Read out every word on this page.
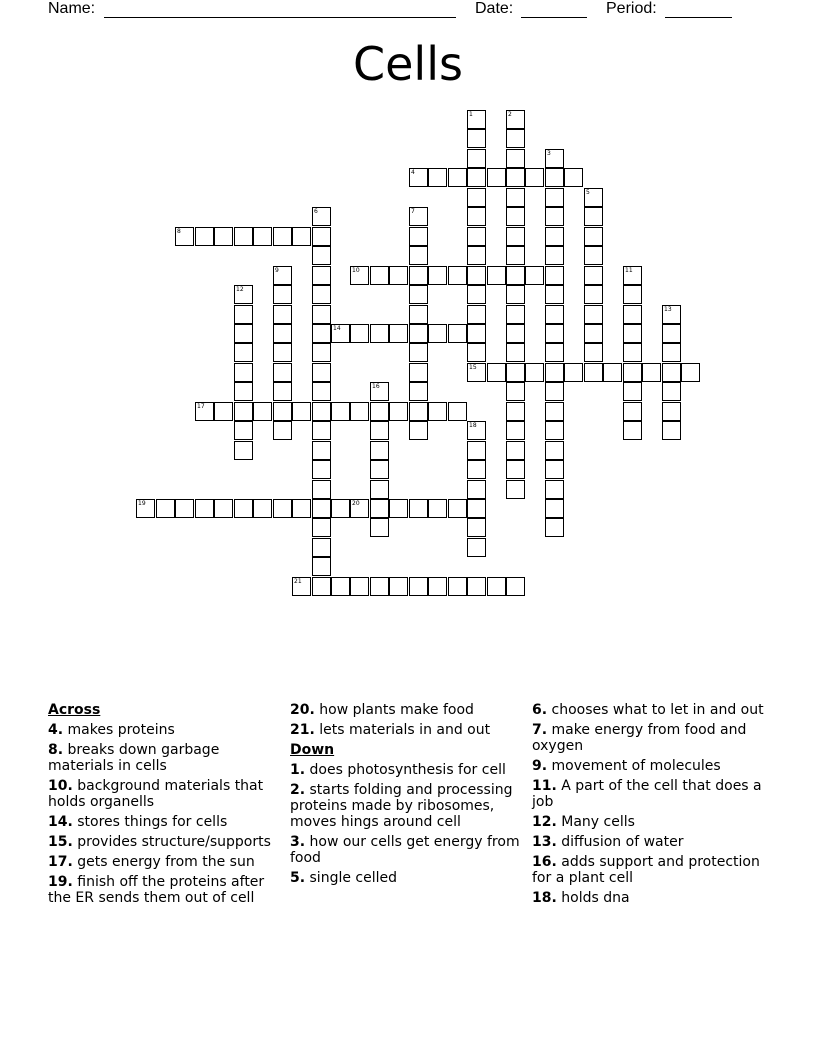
Name:	Date:	Period:
Cells
4
8
10
14
15
17
19	20
21
1	2
3
5
6	7
9	11
12
13
16
18
Across
4. makes proteins
8. breaks down garbage materials in cells
10. background materials that holds organells
14. stores things for cells
15. provides structure/supports
17. gets energy from the sun
19. finish off the proteins after the ER sends them out of cell
20. how plants make food
21. lets materials in and out
Down
1. does photosynthesis for cell
2. starts folding and processing proteins made by ribosomes, moves hings around cell
3. how our cells get energy from food
5. single celled
6. chooses what to let in and out
7. make energy from food and oxygen
9. movement of molecules
11. A part of the cell that does a job
12. Many cells
13. diffusion of water
16. adds support and protection for a plant cell
18. holds dna
